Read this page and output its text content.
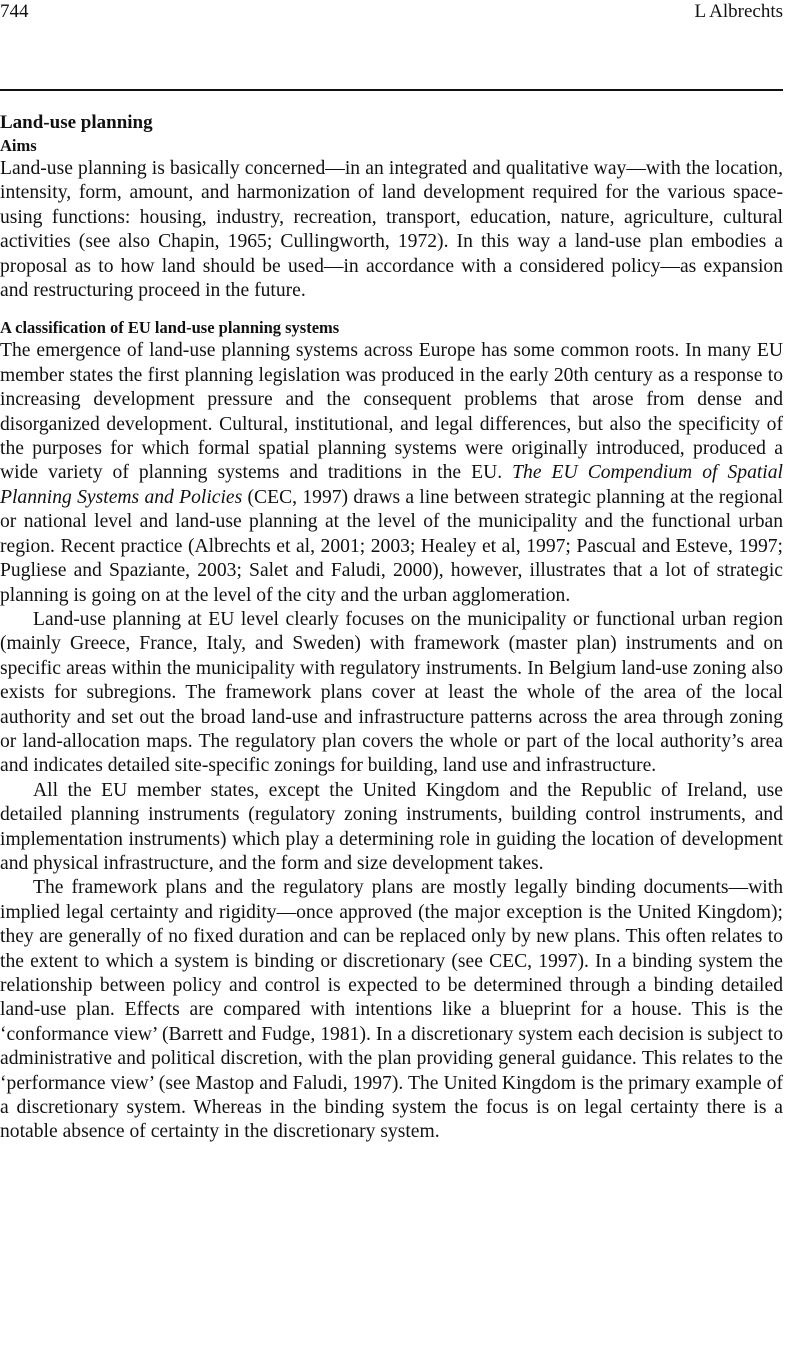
744	L Albrechts
Land-use planning
Aims

Land-use planning is basically concerned—in an integrated and qualitative way—with the location, intensity, form, amount, and harmonization of land development required for the various space-using functions: housing, industry, recreation, transport, education, nature, agriculture, cultural activities (see also Chapin, 1965; Cullingworth, 1972). In this way a land-use plan embodies a proposal as to how land should be used—in accordance with a considered policy—as expansion and restructuring proceed in the future.

A classification of EU land-use planning systems

The emergence of land-use planning systems across Europe has some common roots. In many EU member states the first planning legislation was produced in the early 20th century as a response to increasing development pressure and the consequent problems that arose from dense and disorganized development. Cultural, institutional, and legal differences, but also the specificity of the purposes for which formal spatial planning systems were originally introduced, produced a wide variety of planning systems and traditions in the EU. The EU Compendium of Spatial Planning Systems and Policies (CEC, 1997) draws a line between strategic planning at the regional or national level and land-use planning at the level of the municipality and the functional urban region. Recent practice (Albrechts et al, 2001; 2003; Healey et al, 1997; Pascual and Esteve, 1997; Pugliese and Spaziante, 2003; Salet and Faludi, 2000), however, illustrates that a lot of strategic planning is going on at the level of the city and the urban agglomeration.

Land-use planning at EU level clearly focuses on the municipality or functional urban region (mainly Greece, France, Italy, and Sweden) with framework (master plan) instruments and on specific areas within the municipality with regulatory instruments. In Belgium land-use zoning also exists for subregions. The framework plans cover at least the whole of the area of the local authority and set out the broad land-use and infrastructure patterns across the area through zoning or land-allocation maps. The regulatory plan covers the whole or part of the local authority’s area and indicates detailed site-specific zonings for building, land use and infrastructure.

All the EU member states, except the United Kingdom and the Republic of Ireland, use detailed planning instruments (regulatory zoning instruments, building control instruments, and implementation instruments) which play a determining role in guiding the location of development and physical infrastructure, and the form and size development takes.

The framework plans and the regulatory plans are mostly legally binding documents—with implied legal certainty and rigidity—once approved (the major exception is the United Kingdom); they are generally of no fixed duration and can be replaced only by new plans. This often relates to the extent to which a system is binding or discretionary (see CEC, 1997). In a binding system the relationship between policy and control is expected to be determined through a binding detailed land-use plan. Effects are compared with intentions like a blueprint for a house. This is the ‘conformance view’ (Barrett and Fudge, 1981). In a discretionary system each decision is subject to administrative and political discretion, with the plan providing general guidance. This relates to the ‘performance view’ (see Mastop and Faludi, 1997). The United Kingdom is the primary example of a discretionary system. Whereas in the binding system the focus is on legal certainty there is a notable absence of certainty in the discretionary system.
